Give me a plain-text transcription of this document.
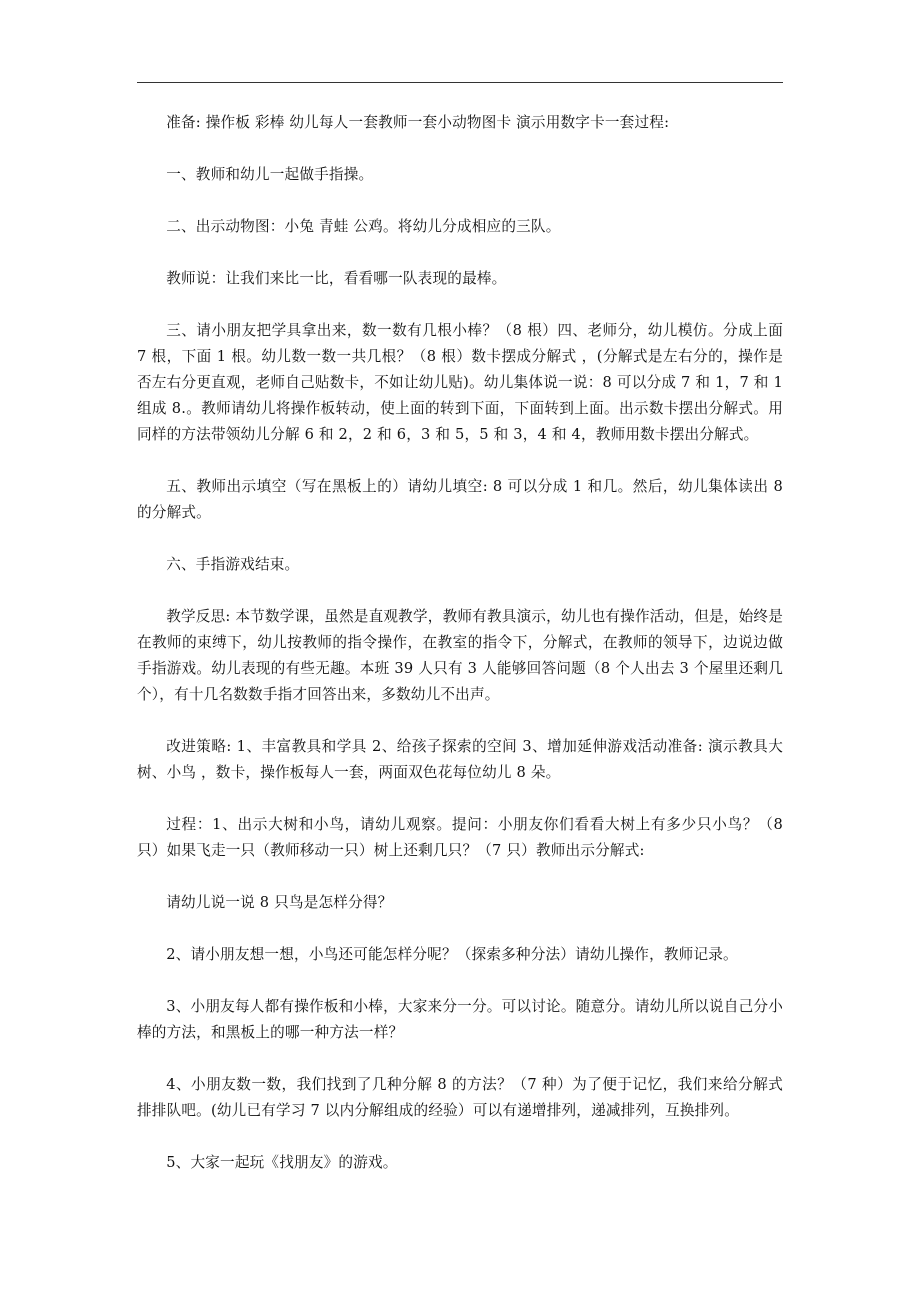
准备: 操作板 彩棒 幼儿每人一套教师一套小动物图卡 演示用数字卡一套过程:

一、教师和幼儿一起做手指操。

二、出示动物图：小兔 青蛙 公鸡。将幼儿分成相应的三队。

教师说：让我们来比一比，看看哪一队表现的最棒。

三、请小朋友把学具拿出来，数一数有几根小棒？（8 根）四、老师分，幼儿模仿。分成上面 7 根，下面 1 根。幼儿数一数一共几根？（8 根）数卡摆成分解式 ，(分解式是左右分的，操作是否左右分更直观，老师自己贴数卡，不如让幼儿贴)。幼儿集体说一说：8 可以分成 7 和 1，7 和 1 组成 8.。教师请幼儿将操作板转动，使上面的转到下面，下面转到上面。出示数卡摆出分解式。用同样的方法带领幼儿分解 6 和 2，2 和 6，3 和 5，5 和 3，4 和 4，教师用数卡摆出分解式。

五、教师出示填空（写在黑板上的）请幼儿填空: 8 可以分成 1 和几。然后，幼儿集体读出 8 的分解式。

六、手指游戏结束。

教学反思: 本节数学课，虽然是直观教学，教师有教具演示，幼儿也有操作活动，但是，始终是在教师的束缚下，幼儿按教师的指令操作，在教室的指令下，分解式，在教师的领导下，边说边做手指游戏。幼儿表现的有些无趣。本班 39 人只有 3 人能够回答问题（8 个人出去 3 个屋里还剩几个），有十几名数数手指才回答出来，多数幼儿不出声。

改进策略: 1、丰富教具和学具 2、给孩子探索的空间 3、增加延伸游戏活动准备: 演示教具大树、小鸟 ，数卡，操作板每人一套，两面双色花每位幼儿 8 朵。

过程：1、出示大树和小鸟，请幼儿观察。提问：小朋友你们看看大树上有多少只小鸟？（8 只）如果飞走一只（教师移动一只）树上还剩几只？（7 只）教师出示分解式:

请幼儿说一说 8 只鸟是怎样分得？

2、请小朋友想一想，小鸟还可能怎样分呢？（探索多种分法）请幼儿操作，教师记录。

3、小朋友每人都有操作板和小棒，大家来分一分。可以讨论。随意分。请幼儿所以说自己分小棒的方法，和黑板上的哪一种方法一样？

4、小朋友数一数，我们找到了几种分解 8 的方法？（7 种）为了便于记忆，我们来给分解式排排队吧。(幼儿已有学习 7 以内分解组成的经验）可以有递增排列，递减排列，互换排列。

5、大家一起玩《找朋友》的游戏。
